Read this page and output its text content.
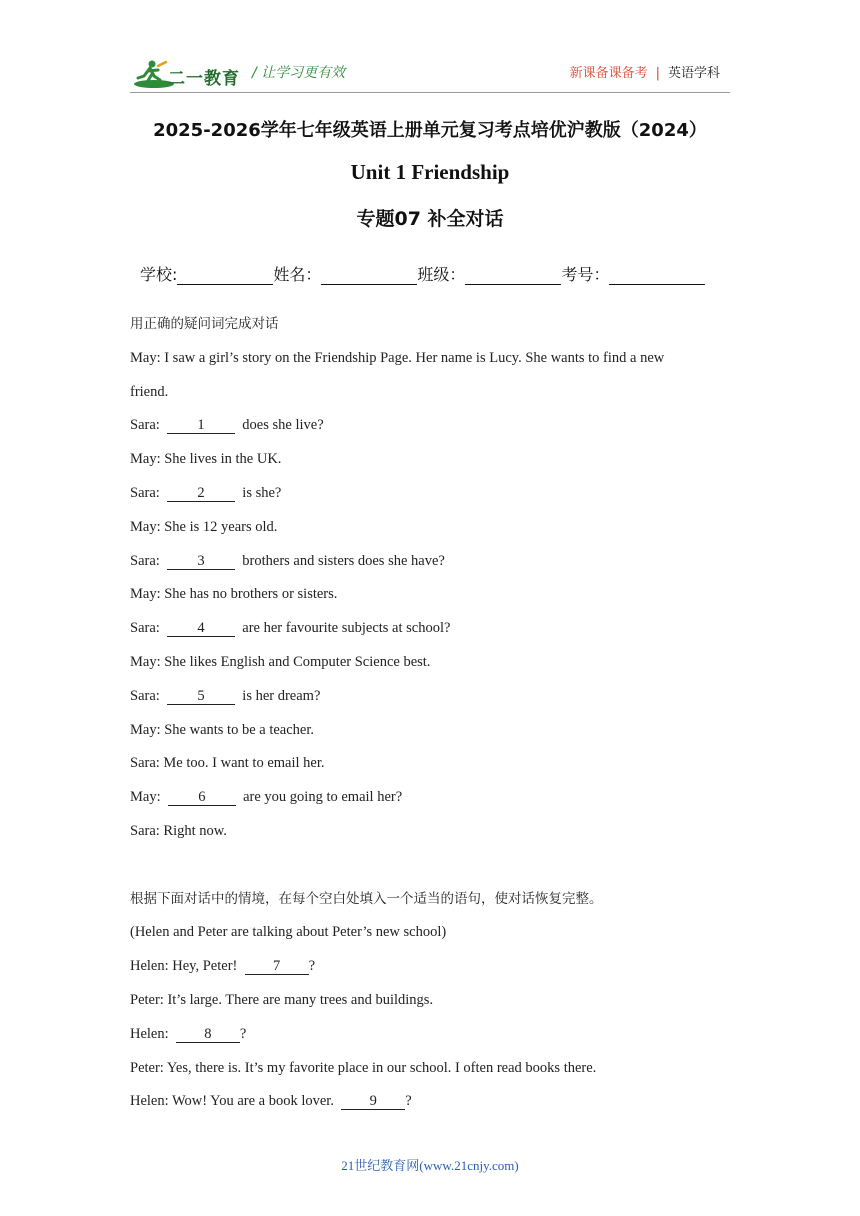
二一教育 / 让学习更有效	新课备课备考 | 英语学科
2025-2026学年七年级英语上册单元复习考点培优沪教版（2024）
Unit 1 Friendship
专题07 补全对话
学校:	姓名：	班级：	考号：
用正确的疑问词完成对话
May: I saw a girl’s story on the Friendship Page. Her name is Lucy. She wants to find a new
friend.
Sara:	1	does she live?
May: She lives in the UK.
Sara:	2	is she?
May: She is 12 years old.
Sara:	3	brothers and sisters does she have?
May: She has no brothers or sisters.
Sara:	4	are her favourite subjects at school?
May: She likes English and Computer Science best.
Sara:	5	is her dream?
May: She wants to be a teacher.
Sara: Me too. I want to email her.
May:	6	are you going to email her?
Sara: Right now.
根据下面对话中的情境，在每个空白处填入一个适当的语句，使对话恢复完整。
(Helen and Peter are talking about Peter’s new school)
Helen: Hey, Peter! 7 ?
Peter: It’s large. There are many trees and buildings.
Helen: 8 ?
Peter: Yes, there is. It’s my favorite place in our school. I often read books there.
Helen: Wow! You are a book lover. 9 ?
21世纪教育网(www.21cnjy.com)
